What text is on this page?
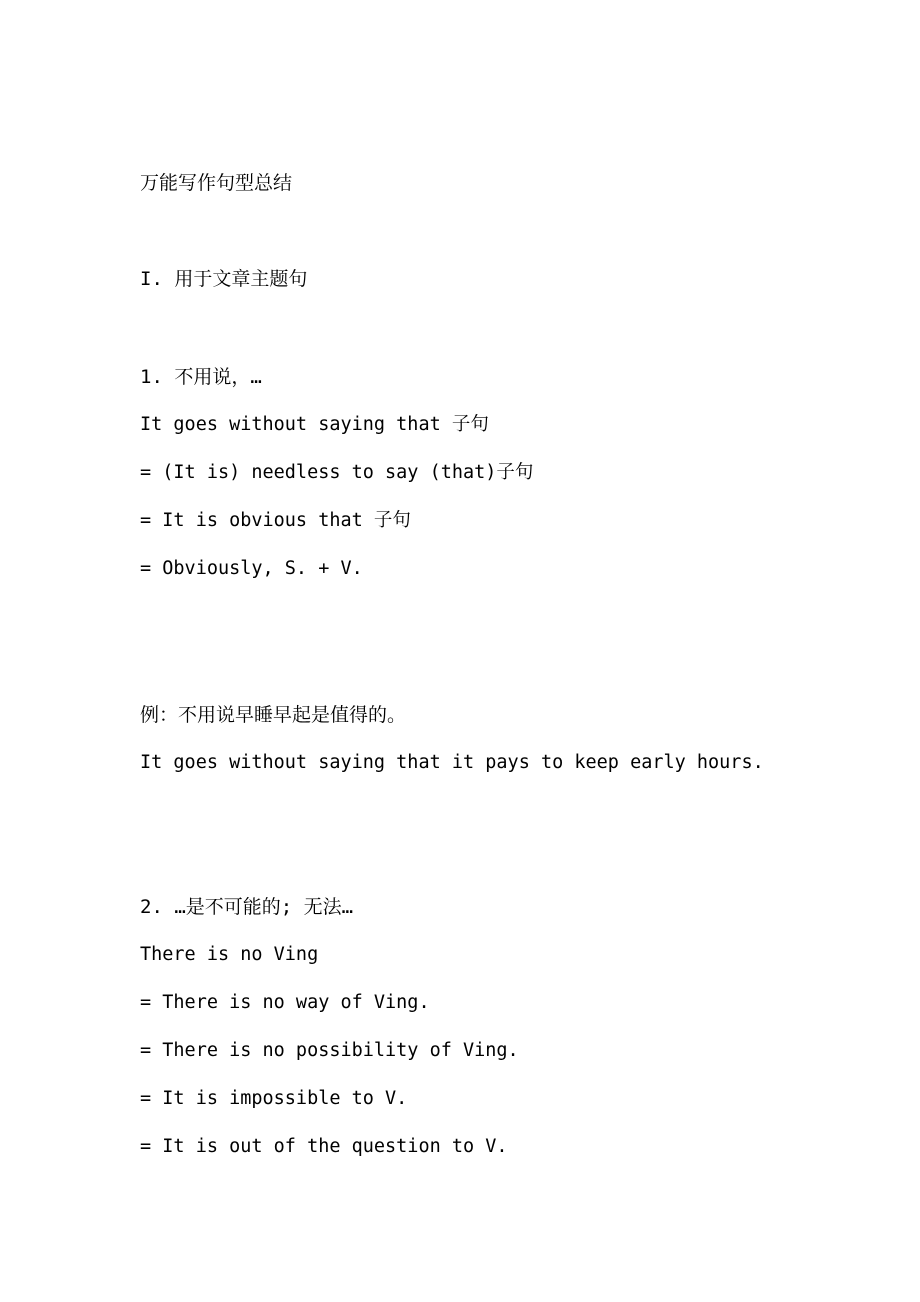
万能写作句型总结
I. 用于文章主题句
1. 不用说，…
It goes without saying that 子句
= (It is) needless to say (that)子句
= It is obvious that 子句
= Obviously, S. + V.
例：不用说早睡早起是值得的。
It goes without saying that it pays to keep early hours.
2. …是不可能的; 无法…
There is no Ving
= There is no way of Ving.
= There is no possibility of Ving.
= It is impossible to V.
= It is out of the question to V.
